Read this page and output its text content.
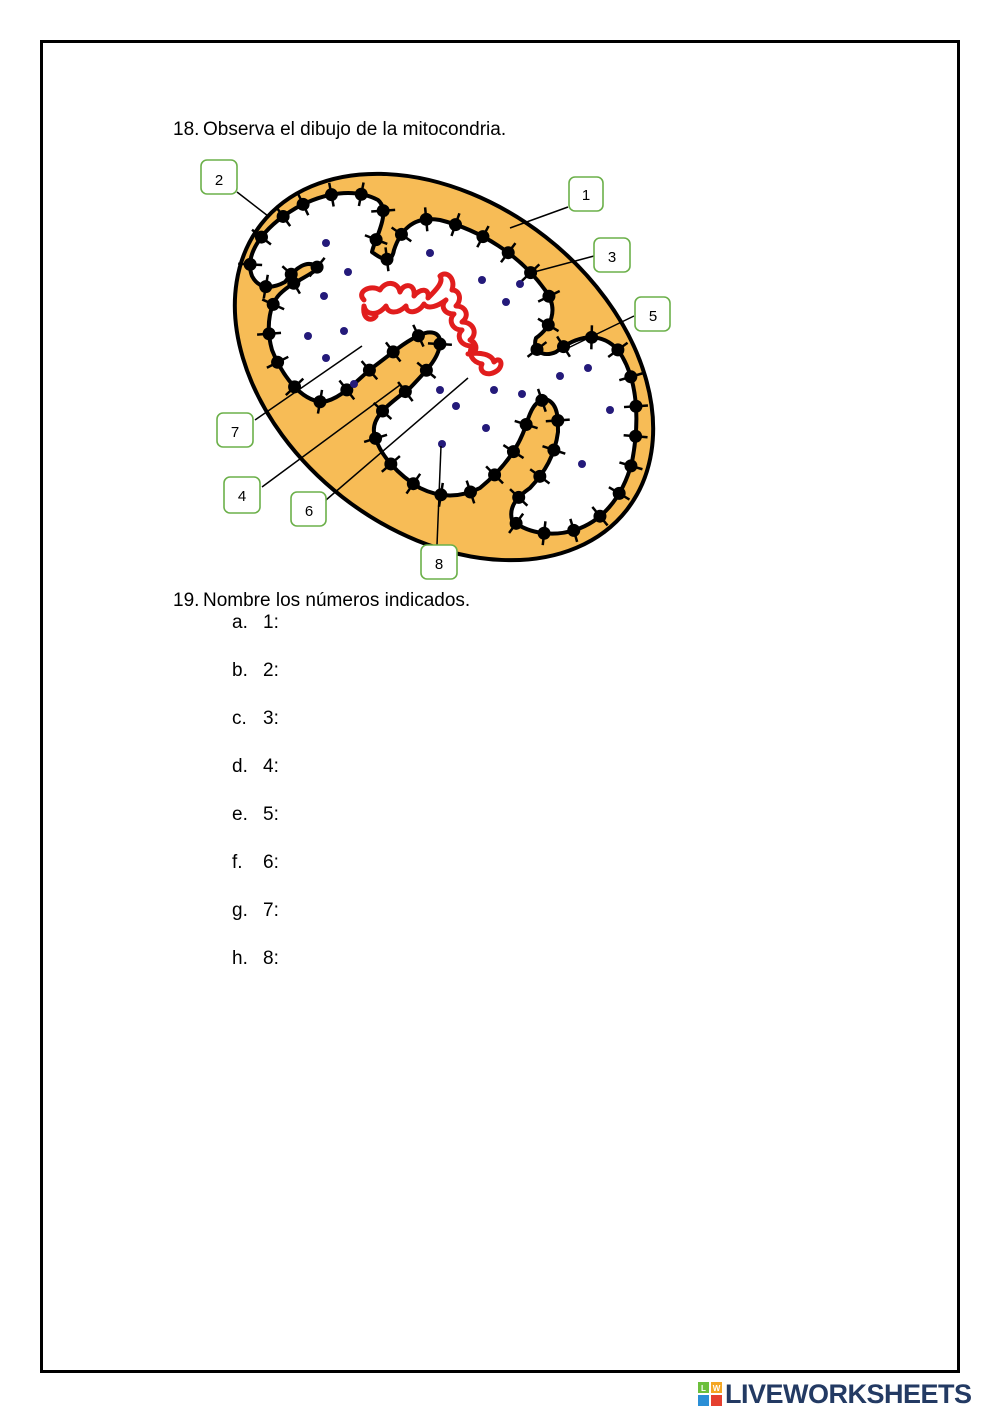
18. Observa el dibujo de la mitocondria.
1
2
3
4
5
6
7
8
19. Nombre los números indicados.
a. 1:
b. 2:
c. 3:
d. 4:
e. 5:
f. 6:
g. 7:
h. 8:
L W LIVEWORKSHEETS
